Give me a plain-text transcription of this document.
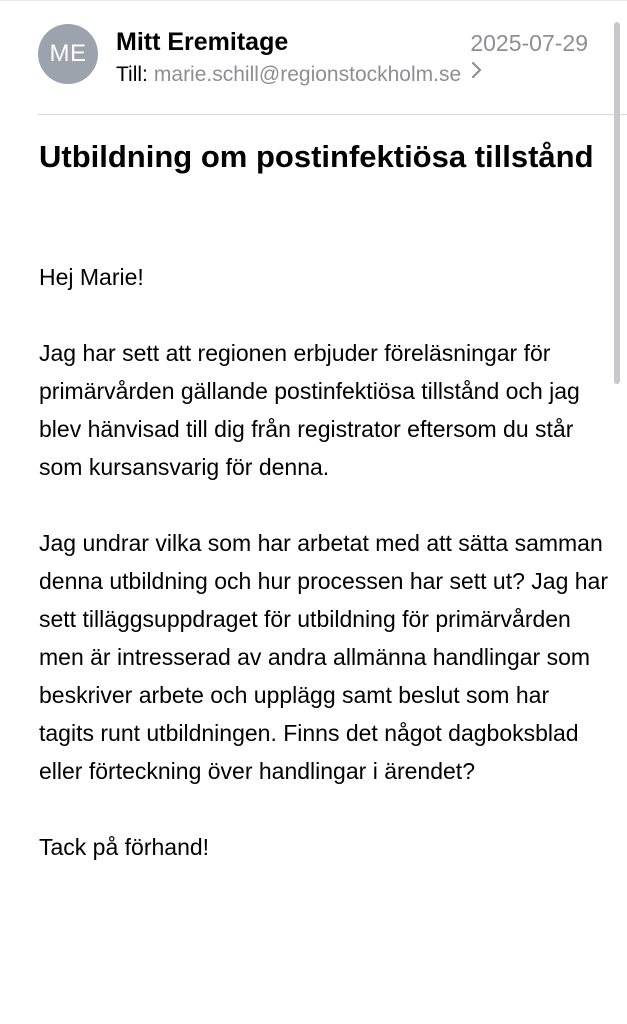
ME	Mitt Eremitage	2025-07-29
Till: marie.schill@regionstockholm.se
Utbildning om postinfektiösa tillstånd

Hej Marie!

Jag har sett att regionen erbjuder föreläsningar för primärvården gällande postinfektiösa tillstånd och jag blev hänvisad till dig från registrator eftersom du står som kursansvarig för denna.

Jag undrar vilka som har arbetat med att sätta samman denna utbildning och hur processen har sett ut? Jag har sett tilläggsuppdraget för utbildning för primärvården men är intresserad av andra allmänna handlingar som beskriver arbete och upplägg samt beslut som har tagits runt utbildningen. Finns det något dagboksblad eller förteckning över handlingar i ärendet?

Tack på förhand!
